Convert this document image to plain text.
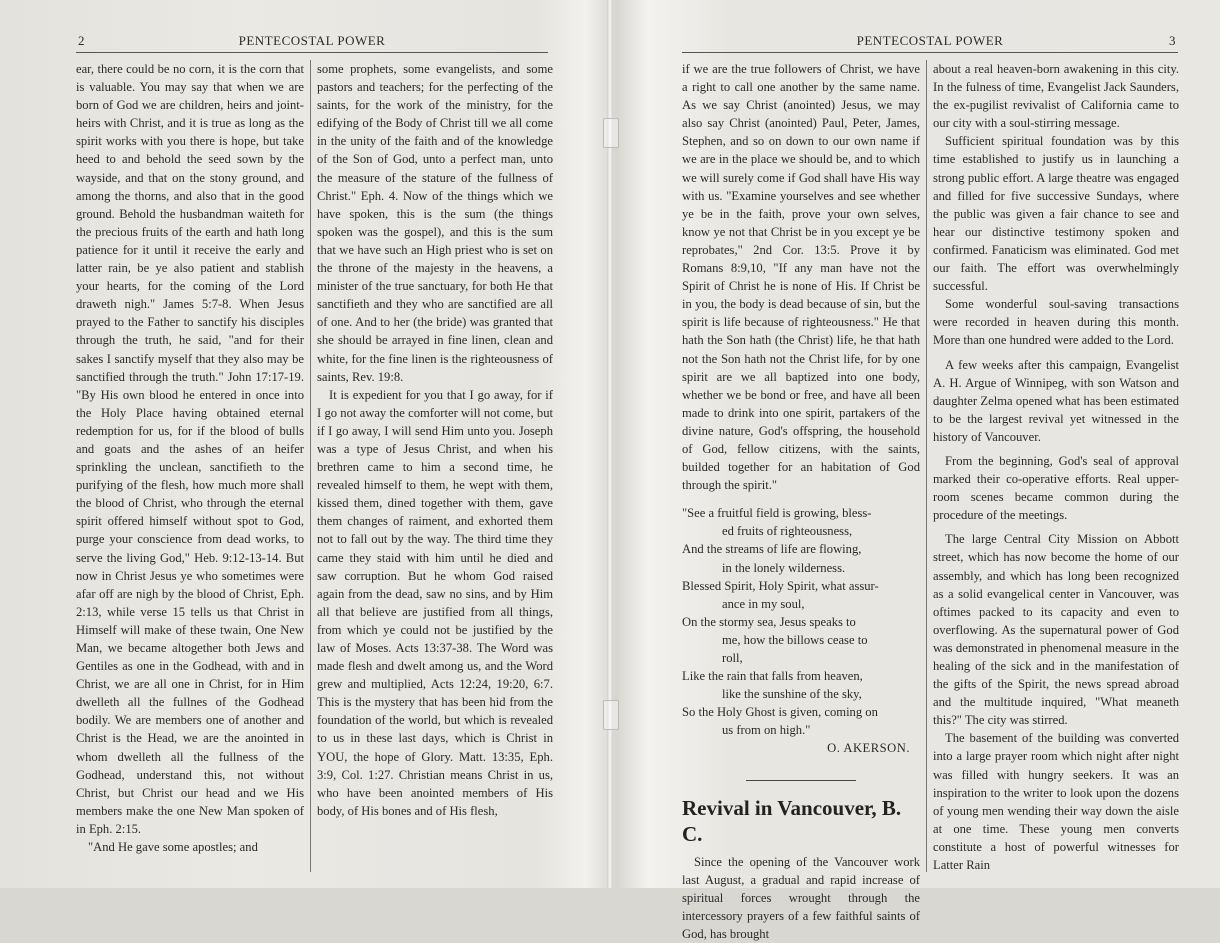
2	PENTECOSTAL POWER

ear, there could be no corn, it is the corn that is valuable. You may say that when we are born of God we are children, heirs and joint-heirs with Christ, and it is true as long as the spirit works with you there is hope, but take heed to and behold the seed sown by the wayside, and that on the stony ground, and among the thorns, and also that in the good ground. Behold the husbandman waiteth for the precious fruits of the earth and hath long patience for it until it receive the early and latter rain, be ye also patient and stablish your hearts, for the coming of the Lord draweth nigh." James 5:7-8. When Jesus prayed to the Father to sanctify his disciples through the truth, he said, "and for their sakes I sanctify myself that they also may be sanctified through the truth." John 17:17-19. "By His own blood he entered in once into the Holy Place having obtained eternal redemption for us, for if the blood of bulls and goats and the ashes of an heifer sprinkling the unclean, sanctifieth to the purifying of the flesh, how much more shall the blood of Christ, who through the eternal spirit offered himself without spot to God, purge your conscience from dead works, to serve the living God," Heb. 9:12-13-14. But now in Christ Jesus ye who sometimes were afar off are nigh by the blood of Christ, Eph. 2:13, while verse 15 tells us that Christ in Himself will make of these twain, One New Man, we became altogether both Jews and Gentiles as one in the Godhead, with and in Christ, we are all one in Christ, for in Him dwelleth all the fullnes of the Godhead bodily. We are members one of another and Christ is the Head, we are the anointed in whom dwelleth all the fullness of the Godhead, understand this, not without Christ, but Christ our head and we His members make the one New Man spoken of in Eph. 2:15.

"And He gave some apostles; and

some prophets, some evangelists, and some pastors and teachers; for the perfecting of the saints, for the work of the ministry, for the edifying of the Body of Christ till we all come in the unity of the faith and of the knowledge of the Son of God, unto a perfect man, unto the measure of the stature of the fullness of Christ." Eph. 4. Now of the things which we have spoken, this is the sum (the things spoken was the gospel), and this is the sum that we have such an High priest who is set on the throne of the majesty in the heavens, a minister of the true sanctuary, for both He that sanctifieth and they who are sanctified are all of one. And to her (the bride) was granted that she should be arrayed in fine linen, clean and white, for the fine linen is the righteousness of saints, Rev. 19:8.

It is expedient for you that I go away, for if I go not away the comforter will not come, but if I go away, I will send Him unto you. Joseph was a type of Jesus Christ, and when his brethren came to him a second time, he revealed himself to them, he wept with them, kissed them, dined together with them, gave them changes of raiment, and exhorted them not to fall out by the way. The third time they came they staid with him until he died and saw corruption. But he whom God raised again from the dead, saw no sins, and by Him all that believe are justified from all things, from which ye could not be justified by the law of Moses. Acts 13:37-38. The Word was made flesh and dwelt among us, and the Word grew and multiplied, Acts 12:24, 19:20, 6:7. This is the mystery that has been hid from the foundation of the world, but which is revealed to us in these last days, which is Christ in YOU, the hope of Glory. Matt. 13:35, Eph. 3:9, Col. 1:27. Christian means Christ in us, who have been anointed members of His body, of His bones and of His flesh,

PENTECOSTAL POWER	3

if we are the true followers of Christ, we have a right to call one another by the same name. As we say Christ (anointed) Jesus, we may also say Christ (anointed) Paul, Peter, James, Stephen, and so on down to our own name if we are in the place we should be, and to which we will surely come if God shall have His way with us. "Examine yourselves and see whether ye be in the faith, prove your own selves, know ye not that Christ be in you except ye be reprobates," 2nd Cor. 13:5. Prove it by Romans 8:9,10, "If any man have not the Spirit of Christ he is none of His. If Christ be in you, the body is dead because of sin, but the spirit is life because of righteousness." He that hath the Son hath (the Christ) life, he that hath not the Son hath not the Christ life, for by one spirit are we all baptized into one body, whether we be bond or free, and have all been made to drink into one spirit, partakers of the divine nature, God's offspring, the household of God, fellow citizens, with the saints, builded together for an habitation of God through the spirit."

"See a fruitful field is growing, bless-
ed fruits of righteousness,
And the streams of life are flowing,
in the lonely wilderness.
Blessed Spirit, Holy Spirit, what assur-
ance in my soul,
On the stormy sea, Jesus speaks to
me, how the billows cease to
roll,
Like the rain that falls from heaven,
like the sunshine of the sky,
So the Holy Ghost is given, coming on
us from on high."
O. AKERSON.
Revival in Vancouver, B. C.

Since the opening of the Vancouver work last August, a gradual and rapid increase of spiritual forces wrought through the intercessory prayers of a few faithful saints of God, has brought

about a real heaven-born awakening in this city. In the fulness of time, Evangelist Jack Saunders, the ex-pugilist revivalist of California came to our city with a soul-stirring message.

Sufficient spiritual foundation was by this time established to justify us in launching a strong public effort. A large theatre was engaged and filled for five successive Sundays, where the public was given a fair chance to see and hear our distinctive testimony spoken and confirmed. Fanaticism was eliminated. God met our faith. The effort was overwhelmingly successful.

Some wonderful soul-saving transactions were recorded in heaven during this month. More than one hundred were added to the Lord.

A few weeks after this campaign, Evangelist A. H. Argue of Winnipeg, with son Watson and daughter Zelma opened what has been estimated to be the largest revival yet witnessed in the history of Vancouver.

From the beginning, God's seal of approval marked their co-operative efforts. Real upper-room scenes became common during the procedure of the meetings.

The large Central City Mission on Abbott street, which has now become the home of our assembly, and which has long been recognized as a solid evangelical center in Vancouver, was oftimes packed to its capacity and even to overflowing. As the supernatural power of God was demonstrated in phenomenal measure in the healing of the sick and in the manifestation of the gifts of the Spirit, the news spread abroad and the multitude inquired, "What meaneth this?" The city was stirred.

The basement of the building was converted into a large prayer room which night after night was filled with hungry seekers. It was an inspiration to the writer to look upon the dozens of young men wending their way down the aisle at one time. These young men converts constitute a host of powerful witnesses for Latter Rain
